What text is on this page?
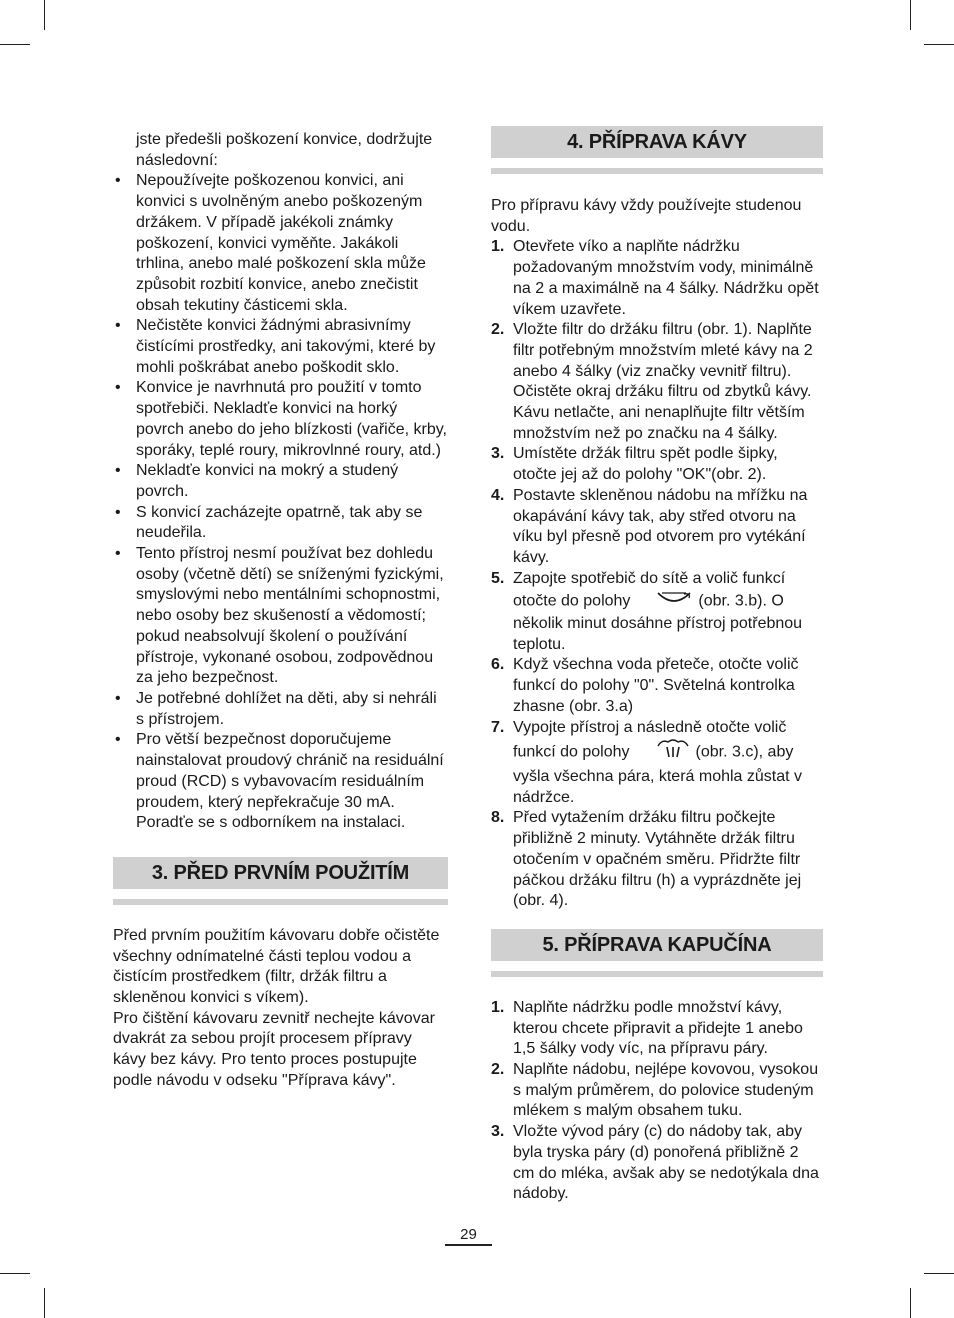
jste předešli poškození konvice, dodržujte následovní:

• Nepoužívejte poškozenou konvici, ani konvici s uvolněným anebo poškozeným držákem. V případě jakékoli známky poškození, konvici vyměňte. Jakákoli trhlina, anebo malé poškození skla může způsobit rozbití konvice, anebo znečistit obsah tekutiny částicemi skla.
• Nečistěte konvici žádnými abrasivnímy čistícími prostředky, ani takovými, které by mohli poškrábat anebo poškodit sklo.
• Konvice je navrhnutá pro použití v tomto spotřebiči. Nekladťe konvici na horký povrch anebo do jeho blízkosti (vařiče, krby, sporáky, teplé roury, mikrovlnné roury, atd.)
• Nekladťe konvici na mokrý a studený povrch.
• S konvicí zacházejte opatrně, tak aby se neudeřila.
• Tento přístroj nesmí používat bez dohledu osoby (včetně dětí) se sníženými fyzickými, smyslovými nebo mentálními schopnostmi, nebo osoby bez skušeností a vědomostí; pokud neabsolvují školení o používání přístroje, vykonané osobou, zodpovědnou za jeho bezpečnost.
• Je potřebné dohlížet na děti, aby si nehráli s přístrojem.
• Pro větší bezpečnost doporučujeme nainstalovat proudový chránič na residuální proud (RCD) s vybavovacím residuálním proudem, který nepřekračuje 30 mA. Poradťe se s odborníkem na instalaci.
3. PŘED PRVNÍM POUŽITÍM

Před prvním použitím kávovaru dobře očistěte všechny odnímatelné části teplou vodou a čistícím prostředkem (filtr, držák filtru a skleněnou konvici s víkem).

Pro čištění kávovaru zevnitř nechejte kávovar dvakrát za sebou projít procesem přípravy kávy bez kávy. Pro tento proces postupujte podle návodu v odseku "Příprava kávy".

4. PŘÍPRAVA KÁVY

Pro přípravu kávy vždy používejte studenou vodu.

1. Otevřete víko a naplňte nádržku požadovaným množstvím vody, minimálně na 2 a maximálně na 4 šálky. Nádržku opět víkem uzavřete.
2. Vložte filtr do držáku filtru (obr. 1). Naplňte filtr potřebným množstvím mleté kávy na 2 anebo 4 šálky (viz značky vevnitř filtru). Očistěte okraj držáku filtru od zbytků kávy. Kávu netlačte, ani nenaplňujte filtr větším množstvím než po značku na 4 šálky.
3. Umístěte držák filtru spět podle šipky, otočte jej až do polohy "OK"(obr. 2).
4. Postavte skleněnou nádobu na mřížku na okapávání kávy tak, aby střed otvoru na víku byl přesně pod otvorem pro vytékání kávy.
5. Zapojte spotřebič do sítě a volič funkcí otočte do polohy	(obr. 3.b). O několik minut dosáhne přístroj potřebnou teplotu.
6. Když všechna voda přeteče, otočte volič funkcí do polohy "0". Světelná kontrolka zhasne (obr. 3.a)
7. Vypojte přístroj a následně otočte volič funkcí do polohy	(obr. 3.c), aby vyšla všechna pára, která mohla zůstat v nádržce.
8. Před vytažením držáku filtru počkejte přibližně 2 minuty. Vytáhněte držák filtru otočením v opačném směru. Přidržte filtr páčkou držáku filtru (h) a vyprázdněte jej (obr. 4).
5. PŘÍPRAVA KAPUČÍNA
1. Naplňte nádržku podle množství kávy, kterou chcete připravit a přidejte 1 anebo 1,5 šálky vody víc, na přípravu páry.
2. Naplňte nádobu, nejlépe kovovou, vysokou s malým průměrem, do polovice studeným mlékem s malým obsahem tuku.
3. Vložte vývod páry (c) do nádoby tak, aby byla tryska páry (d) ponořená přibližně 2 cm do mléka, avšak aby se nedotýkala dna nádoby.
29
